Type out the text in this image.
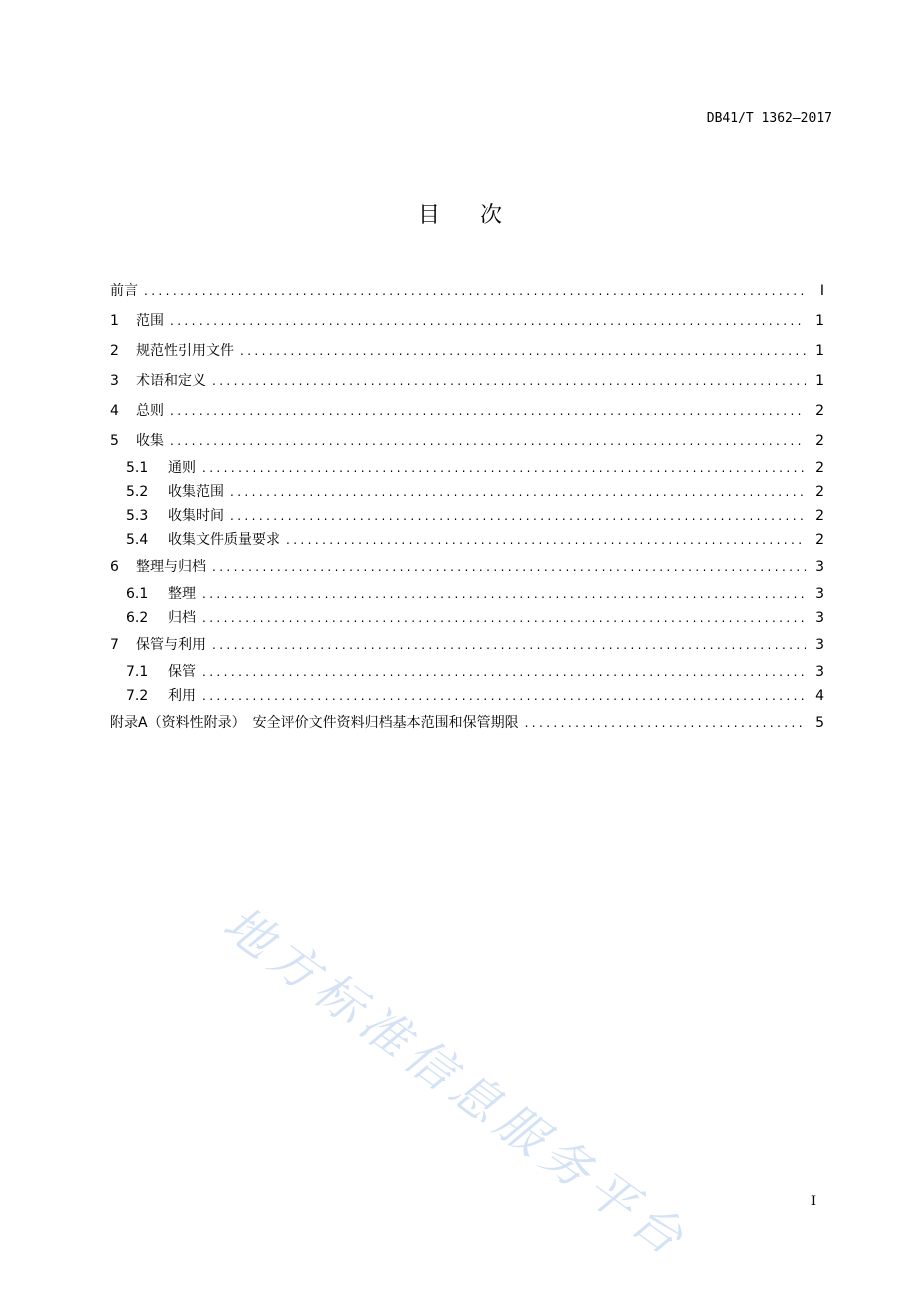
DB41/T 1362—2017
目 次
前言 .....	Ⅰ
1	范围 .....	1
2	规范性引用文件 .....	1
3	术语和定义 .....	1
4	总则 .....	2
5	收集 .....	2
5.1	通则 .....	2
5.2	收集范围 .....	2
5.3	收集时间 .....	2
5.4	收集文件质量要求 .....	2
6	整理与归档 .....	3
6.1	整理 .....	3
6.2	归档 .....	3
7	保管与利用 .....	3
7.1	保管 .....	3
7.2	利用 .....	4
附录A（资料性附录）　安全评价文件资料归档基本范围和保管期限 .....	5
I
地方标准信息服务平台
